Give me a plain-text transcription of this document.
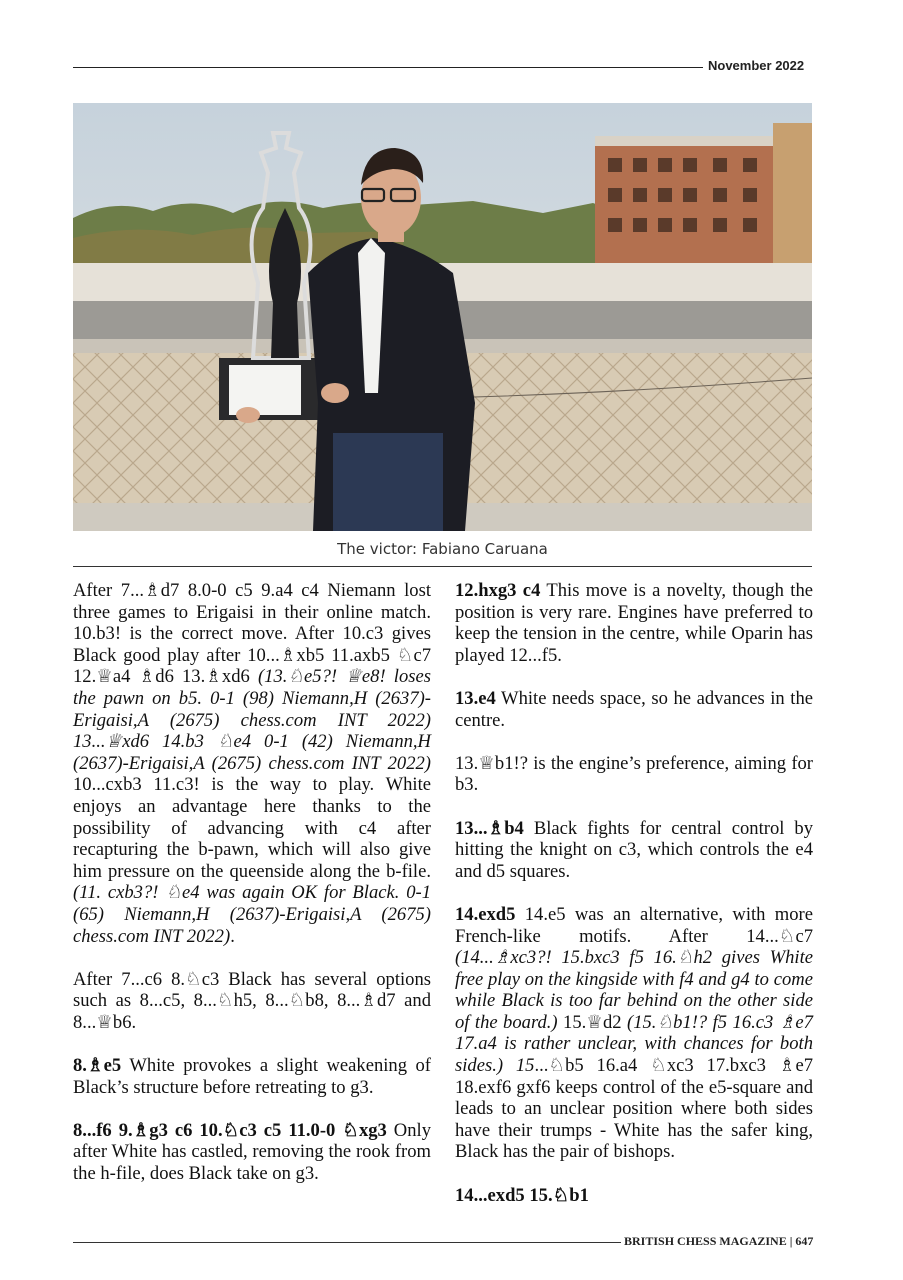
November 2022
The victor: Fabiano Caruana

After 7...♗d7 8.0-0 c5 9.a4 c4 Niemann lost three games to Erigaisi in their online match. 10.b3! is the correct move. After 10.c3 gives Black good play after 10...♗xb5 11.axb5 ♘c7 12.♕a4 ♗d6 13.♗xd6 (13.♘e5?! ♕e8! loses the pawn on b5. 0-1 (98) Niemann,H (2637)-Erigaisi,A (2675) chess.com INT 2022) 13...♕xd6 14.b3 ♘e4 0-1 (42) Niemann,H (2637)-Erigaisi,A (2675) chess.com INT 2022) 10...cxb3 11.c3! is the way to play. White enjoys an advantage here thanks to the possibility of advancing with c4 after recapturing the b-pawn, which will also give him pressure on the queenside along the b-file. (11. cxb3?! ♘e4 was again OK for Black. 0-1 (65) Niemann,H (2637)-Erigaisi,A (2675) chess.com INT 2022).

After 7...c6 8.♘c3 Black has several options such as 8...c5, 8...♘h5, 8...♘b8, 8...♗d7 and 8...♕b6.

8.♗e5 White provokes a slight weakening of Black’s structure before retreating to g3.

8...f6 9.♗g3 c6 10.♘c3 c5 11.0-0 ♘xg3 Only after White has castled, removing the rook from the h-file, does Black take on g3.

12.hxg3 c4 This move is a novelty, though the position is very rare. Engines have preferred to keep the tension in the centre, while Oparin has played 12...f5.

13.e4 White needs space, so he advances in the centre.

13.♕b1!? is the engine’s preference, aiming for b3.

13...♗b4 Black fights for central control by hitting the knight on c3, which controls the e4 and d5 squares.

14.exd5 14.e5 was an alternative, with more French-like motifs. After 14...♘c7 (14...♗xc3?! 15.bxc3 f5 16.♘h2 gives White free play on the kingside with f4 and g4 to come while Black is too far behind on the other side of the board.) 15.♕d2 (15.♘b1!? f5 16.c3 ♗e7 17.a4 is rather unclear, with chances for both sides.) 15...♘b5 16.a4 ♘xc3 17.bxc3 ♗e7 18.exf6 gxf6 keeps control of the e5-square and leads to an unclear position where both sides have their trumps - White has the safer king, Black has the pair of bishops.

14...exd5 15.♘b1

BRITISH CHESS MAGAZINE | 647
